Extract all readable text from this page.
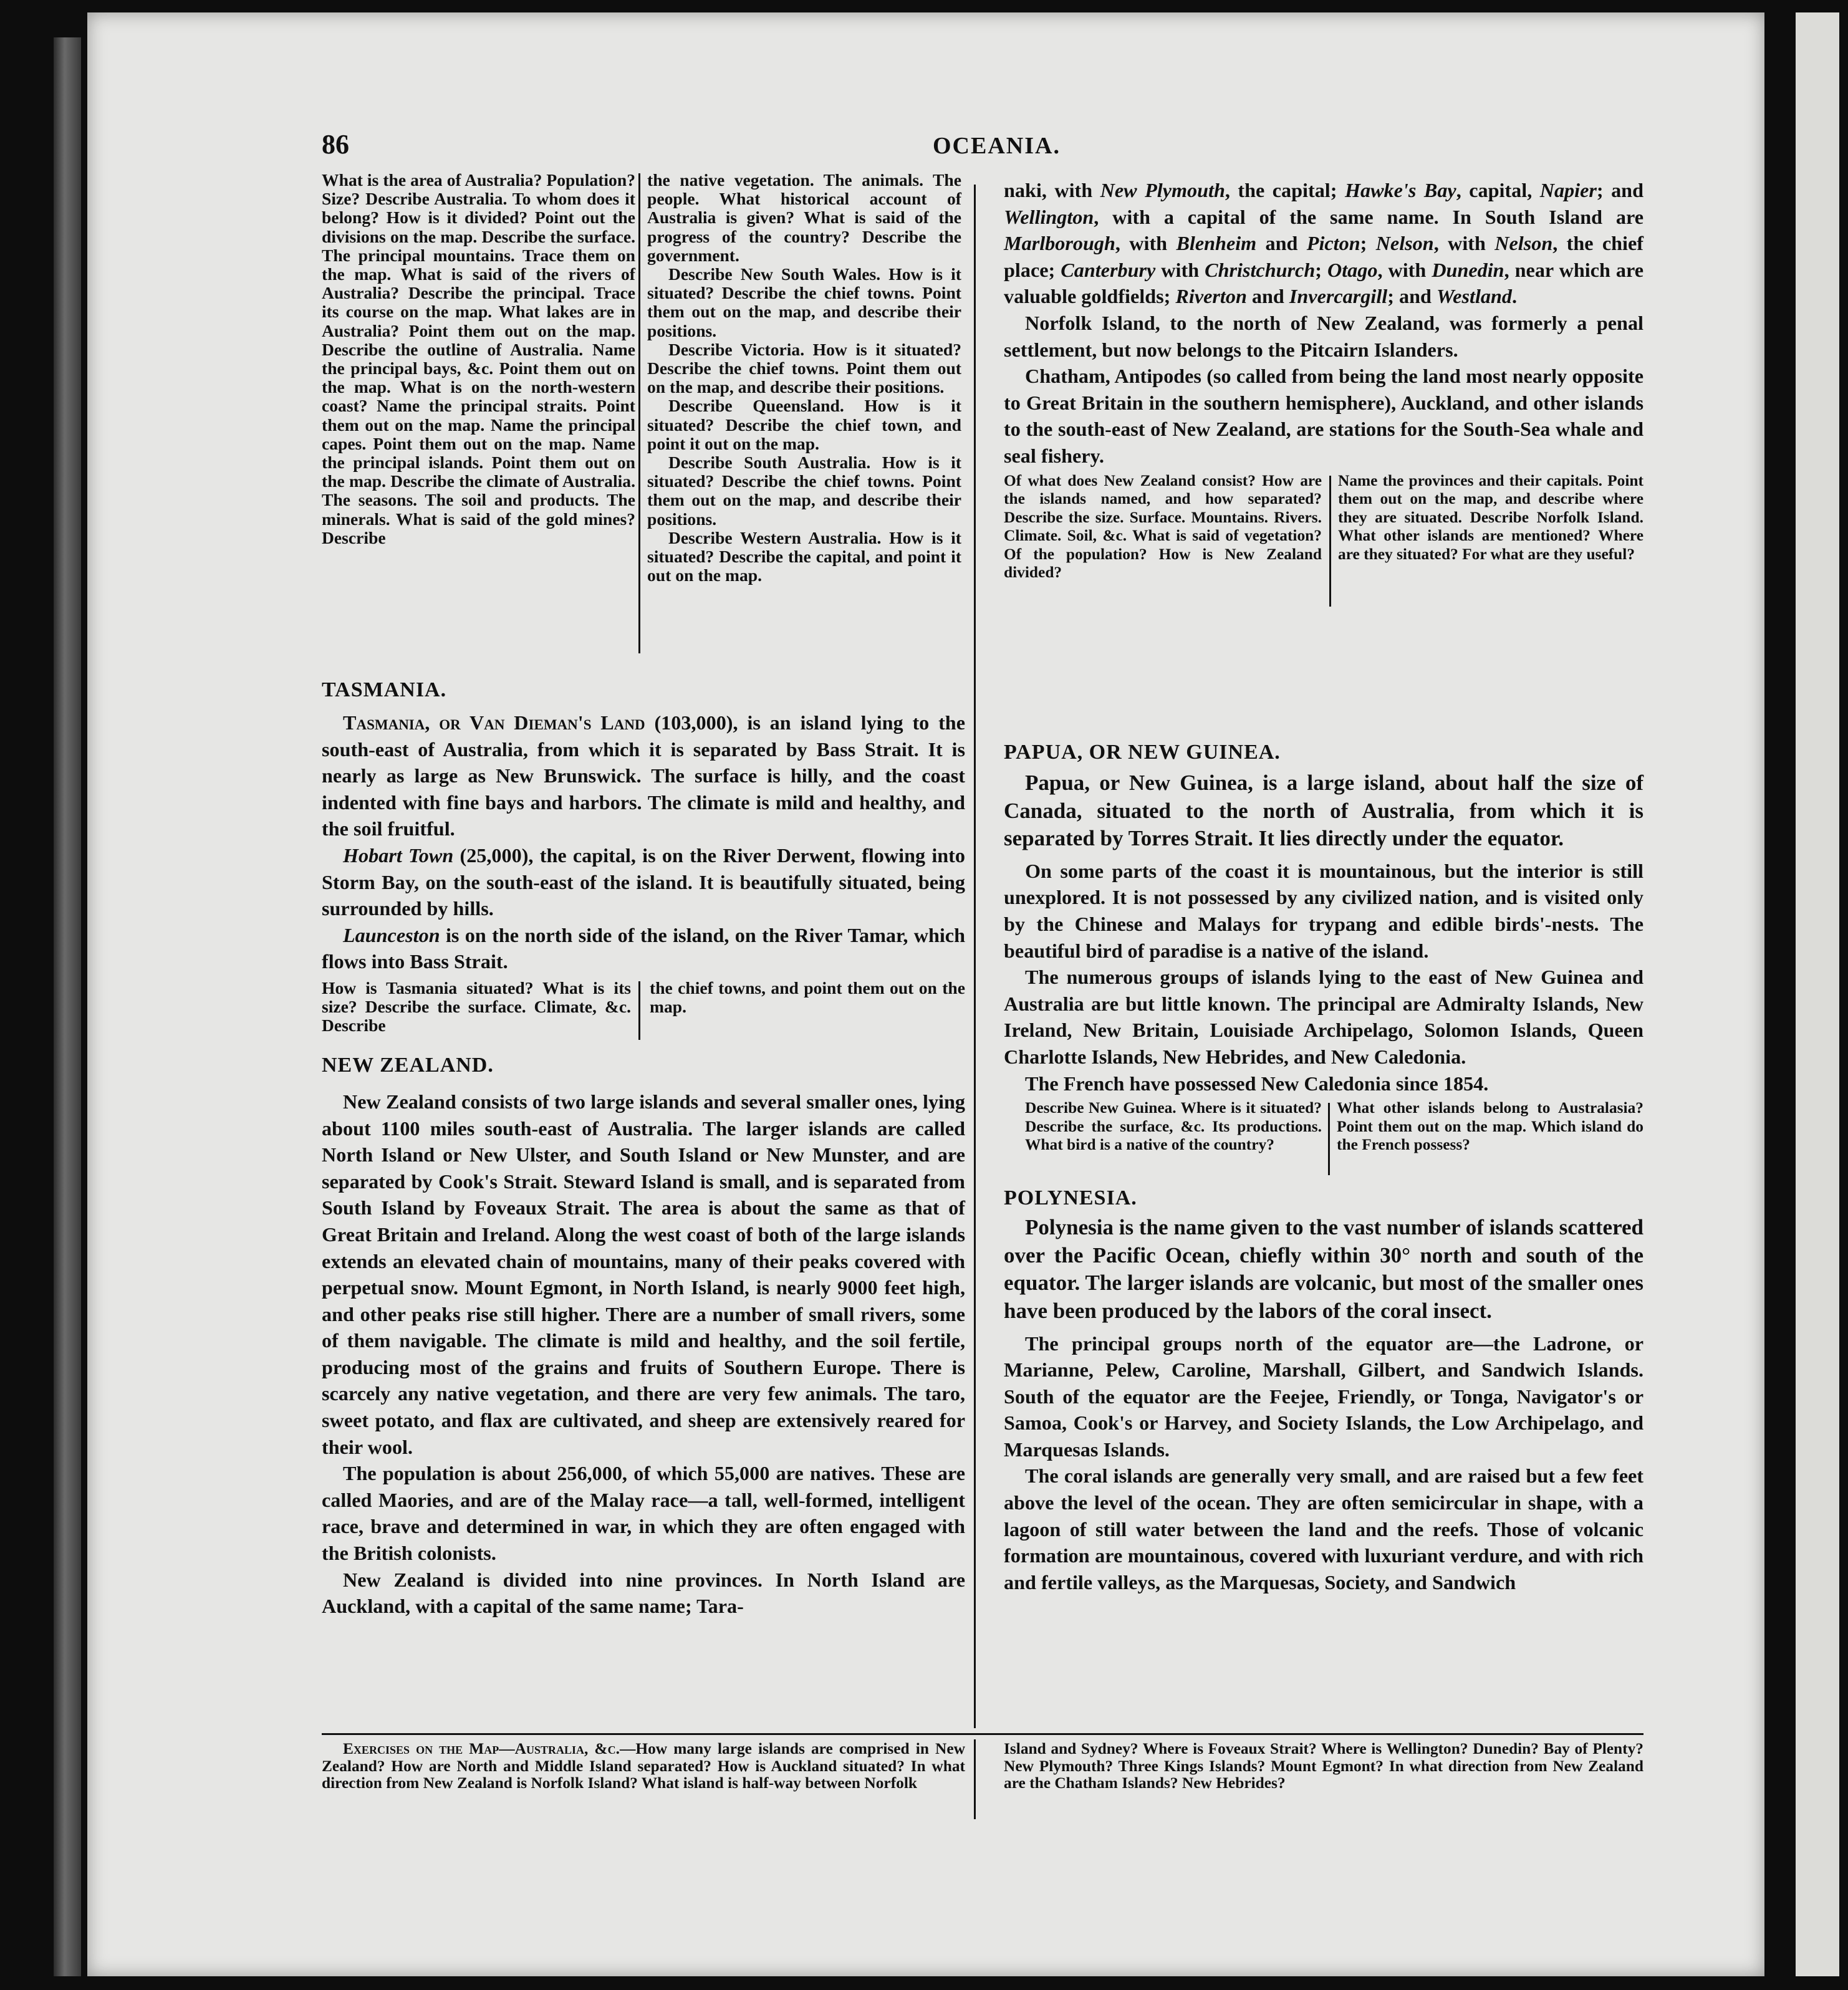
86	OCEANIA.

What is the area of Australia? Population? Size? Describe Australia. To whom does it belong? How is it divided? Point out the divisions on the map. Describe the surface. The principal mountains. Trace them on the map. What is said of the rivers of Australia? Describe the principal. Trace its course on the map. What lakes are in Australia? Point them out on the map. Describe the outline of Australia. Name the principal bays, &c. Point them out on the map. What is on the north-western coast? Name the principal straits. Point them out on the map. Name the principal capes. Point them out on the map. Name the principal islands. Point them out on the map. Describe the climate of Australia. The seasons. The soil and products. The minerals. What is said of the gold mines? Describe

the native vegetation. The animals. The people. What historical account of Australia is given? What is said of the progress of the country? Describe the government.

Describe New South Wales. How is it situated? Describe the chief towns. Point them out on the map, and describe their positions.

Describe Victoria. How is it situated? Describe the chief towns. Point them out on the map, and describe their positions.

Describe Queensland. How is it situated? Describe the chief town, and point it out on the map.

Describe South Australia. How is it situated? Describe the chief towns. Point them out on the map, and describe their positions.

Describe Western Australia. How is it situated? Describe the capital, and point it out on the map.

TASMANIA.

Tasmania, or Van Dieman's Land (103,000), is an island lying to the south-east of Australia, from which it is separated by Bass Strait. It is nearly as large as New Brunswick. The surface is hilly, and the coast indented with fine bays and harbors. The climate is mild and healthy, and the soil fruitful.

Hobart Town (25,000), the capital, is on the River Derwent, flowing into Storm Bay, on the south-east of the island. It is beautifully situated, being surrounded by hills.

Launceston is on the north side of the island, on the River Tamar, which flows into Bass Strait.

How is Tasmania situated? What is its size? Describe the surface. Climate, &c. Describe

the chief towns, and point them out on the map.

NEW ZEALAND.

New Zealand consists of two large islands and several smaller ones, lying about 1100 miles south-east of Australia. The larger islands are called North Island or New Ulster, and South Island or New Munster, and are separated by Cook's Strait. Steward Island is small, and is separated from South Island by Foveaux Strait. The area is about the same as that of Great Britain and Ireland. Along the west coast of both of the large islands extends an elevated chain of mountains, many of their peaks covered with perpetual snow. Mount Egmont, in North Island, is nearly 9000 feet high, and other peaks rise still higher. There are a number of small rivers, some of them navigable. The climate is mild and healthy, and the soil fertile, producing most of the grains and fruits of Southern Europe. There is scarcely any native vegetation, and there are very few animals. The taro, sweet potato, and flax are cultivated, and sheep are extensively reared for their wool.

The population is about 256,000, of which 55,000 are natives. These are called Maories, and are of the Malay race—a tall, well-formed, intelligent race, brave and determined in war, in which they are often engaged with the British colonists.

New Zealand is divided into nine provinces. In North Island are Auckland, with a capital of the same name; Tara-

PAPUA, OR NEW GUINEA.

Papua, or New Guinea, is a large island, about half the size of Canada, situated to the north of Australia, from which it is separated by Torres Strait. It lies directly under the equator.

On some parts of the coast it is mountainous, but the interior is still unexplored. It is not possessed by any civilized nation, and is visited only by the Chinese and Malays for trypang and edible birds'-nests. The beautiful bird of paradise is a native of the island.

The numerous groups of islands lying to the east of New Guinea and Australia are but little known. The principal are Admiralty Islands, New Ireland, New Britain, Louisiade Archipelago, Solomon Islands, Queen Charlotte Islands, New Hebrides, and New Caledonia.

The French have possessed New Caledonia since 1854.

Describe New Guinea. Where is it situated? Describe the surface, &c. Its productions. What bird is a native of the country?

What other islands belong to Australasia? Point them out on the map. Which island do the French possess?

POLYNESIA.

Polynesia is the name given to the vast number of islands scattered over the Pacific Ocean, chiefly within 30° north and south of the equator. The larger islands are volcanic, but most of the smaller ones have been produced by the labors of the coral insect.

The principal groups north of the equator are—the Ladrone, or Marianne, Pelew, Caroline, Marshall, Gilbert, and Sandwich Islands. South of the equator are the Feejee, Friendly, or Tonga, Navigator's or Samoa, Cook's or Harvey, and Society Islands, the Low Archipelago, and Marquesas Islands.

The coral islands are generally very small, and are raised but a few feet above the level of the ocean. They are often semicircular in shape, with a lagoon of still water between the land and the reefs. Those of volcanic formation are mountainous, covered with luxuriant verdure, and with rich and fertile valleys, as the Marquesas, Society, and Sandwich

naki, with New Plymouth, the capital; Hawke's Bay, capital, Napier; and Wellington, with a capital of the same name. In South Island are Marlborough, with Blenheim and Picton; Nelson, with Nelson, the chief place; Canterbury with Christchurch; Otago, with Dunedin, near which are valuable goldfields; Riverton and Invercargill; and Westland.

Norfolk Island, to the north of New Zealand, was formerly a penal settlement, but now belongs to the Pitcairn Islanders.

Chatham, Antipodes (so called from being the land most nearly opposite to Great Britain in the southern hemisphere), Auckland, and other islands to the south-east of New Zealand, are stations for the South-Sea whale and seal fishery.

Of what does New Zealand consist? How are the islands named, and how separated? Describe the size. Surface. Mountains. Rivers. Climate. Soil, &c. What is said of vegetation? Of the population? How is New Zealand divided?

Name the provinces and their capitals. Point them out on the map, and describe where they are situated. Describe Norfolk Island. What other islands are mentioned? Where are they situated? For what are they useful?

Exercises on the Map—Australia, &c.—How many large islands are comprised in New Zealand? How are North and Middle Island separated? How is Auckland situated? In what direction from New Zealand is Norfolk Island? What island is half-way between Norfolk

Island and Sydney? Where is Foveaux Strait? Where is Wellington? Dunedin? Bay of Plenty? New Plymouth? Three Kings Islands? Mount Egmont? In what direction from New Zealand are the Chatham Islands? New Hebrides?
